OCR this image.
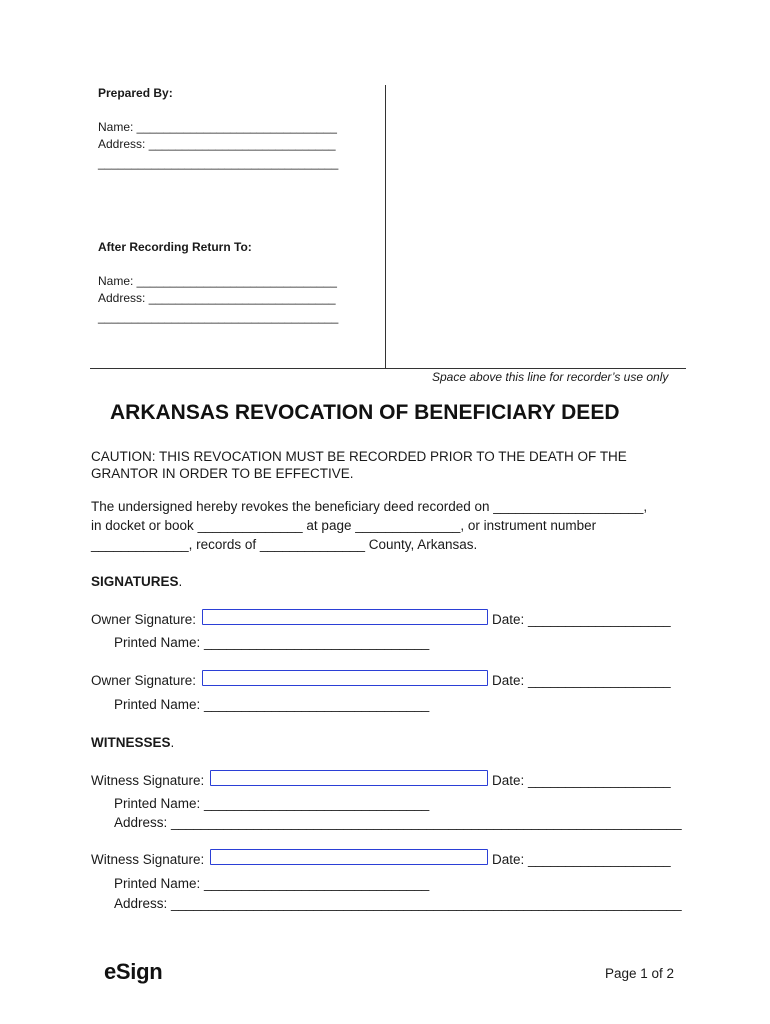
Prepared By:
Name: ______________________________
Address: ____________________________
____________________________________
After Recording Return To:
Name: ______________________________
Address: ____________________________
____________________________________
Space above this line for recorder’s use only
ARKANSAS REVOCATION OF BENEFICIARY DEED
CAUTION: THIS REVOCATION MUST BE RECORDED PRIOR TO THE DEATH OF THE
GRANTOR IN ORDER TO BE EFFECTIVE.
The undersigned hereby revokes the beneficiary deed recorded on ____________________,
in docket or book ______________ at page ______________, or instrument number
_____________, records of ______________ County, Arkansas.
SIGNATURES.
Owner Signature:	Date: ___________________
Printed Name: ______________________________
Owner Signature:	Date: ___________________
Printed Name: ______________________________
WITNESSES.
Witness Signature:	Date: ___________________
Printed Name: ______________________________
Address: ____________________________________________________________________
Witness Signature:	Date: ___________________
Printed Name: ______________________________
Address: ____________________________________________________________________
eSign	Page 1 of 2
